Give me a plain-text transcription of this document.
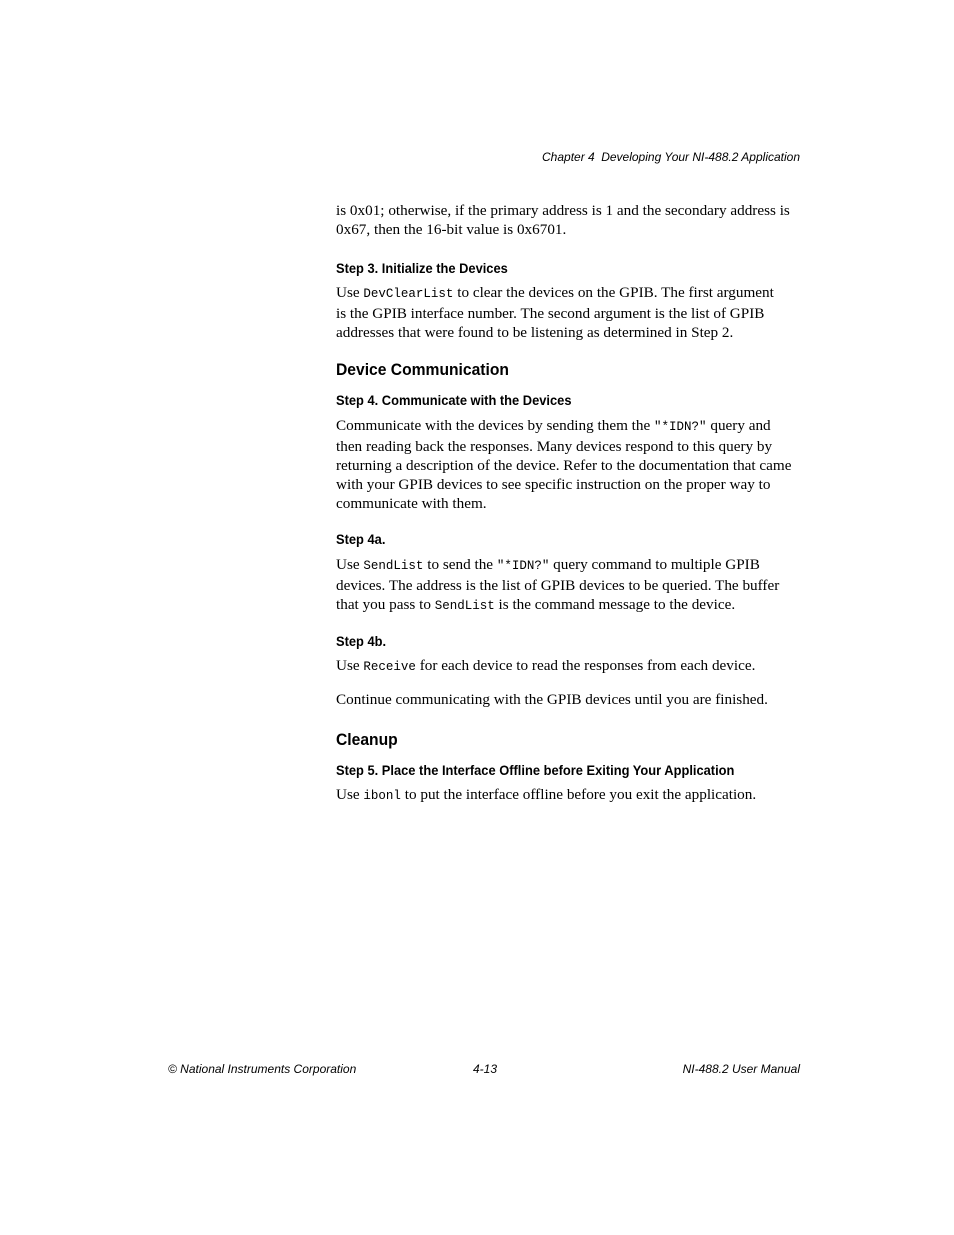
Chapter 4 Developing Your NI-488.2 Application

is 0x01; otherwise, if the primary address is 1 and the secondary address is

0x67, then the 16-bit value is 0x6701.

Step 3. Initialize the Devices

Use DevClearList to clear the devices on the GPIB. The first argument

is the GPIB interface number. The second argument is the list of GPIB

addresses that were found to be listening as determined in Step 2.

Device Communication
Step 4. Communicate with the Devices

Communicate with the devices by sending them the "*IDN?" query and

then reading back the responses. Many devices respond to this query by

returning a description of the device. Refer to the documentation that came

with your GPIB devices to see specific instruction on the proper way to

communicate with them.

Step 4a.

Use SendList to send the "*IDN?" query command to multiple GPIB

devices. The address is the list of GPIB devices to be queried. The buffer

that you pass to SendList is the command message to the device.

Step 4b.

Use Receive for each device to read the responses from each device.

Continue communicating with the GPIB devices until you are finished.
Cleanup
Step 5. Place the Interface Offline before Exiting Your Application

Use ibonl to put the interface offline before you exit the application.

© National Instruments Corporation	4-13	NI-488.2 User Manual
